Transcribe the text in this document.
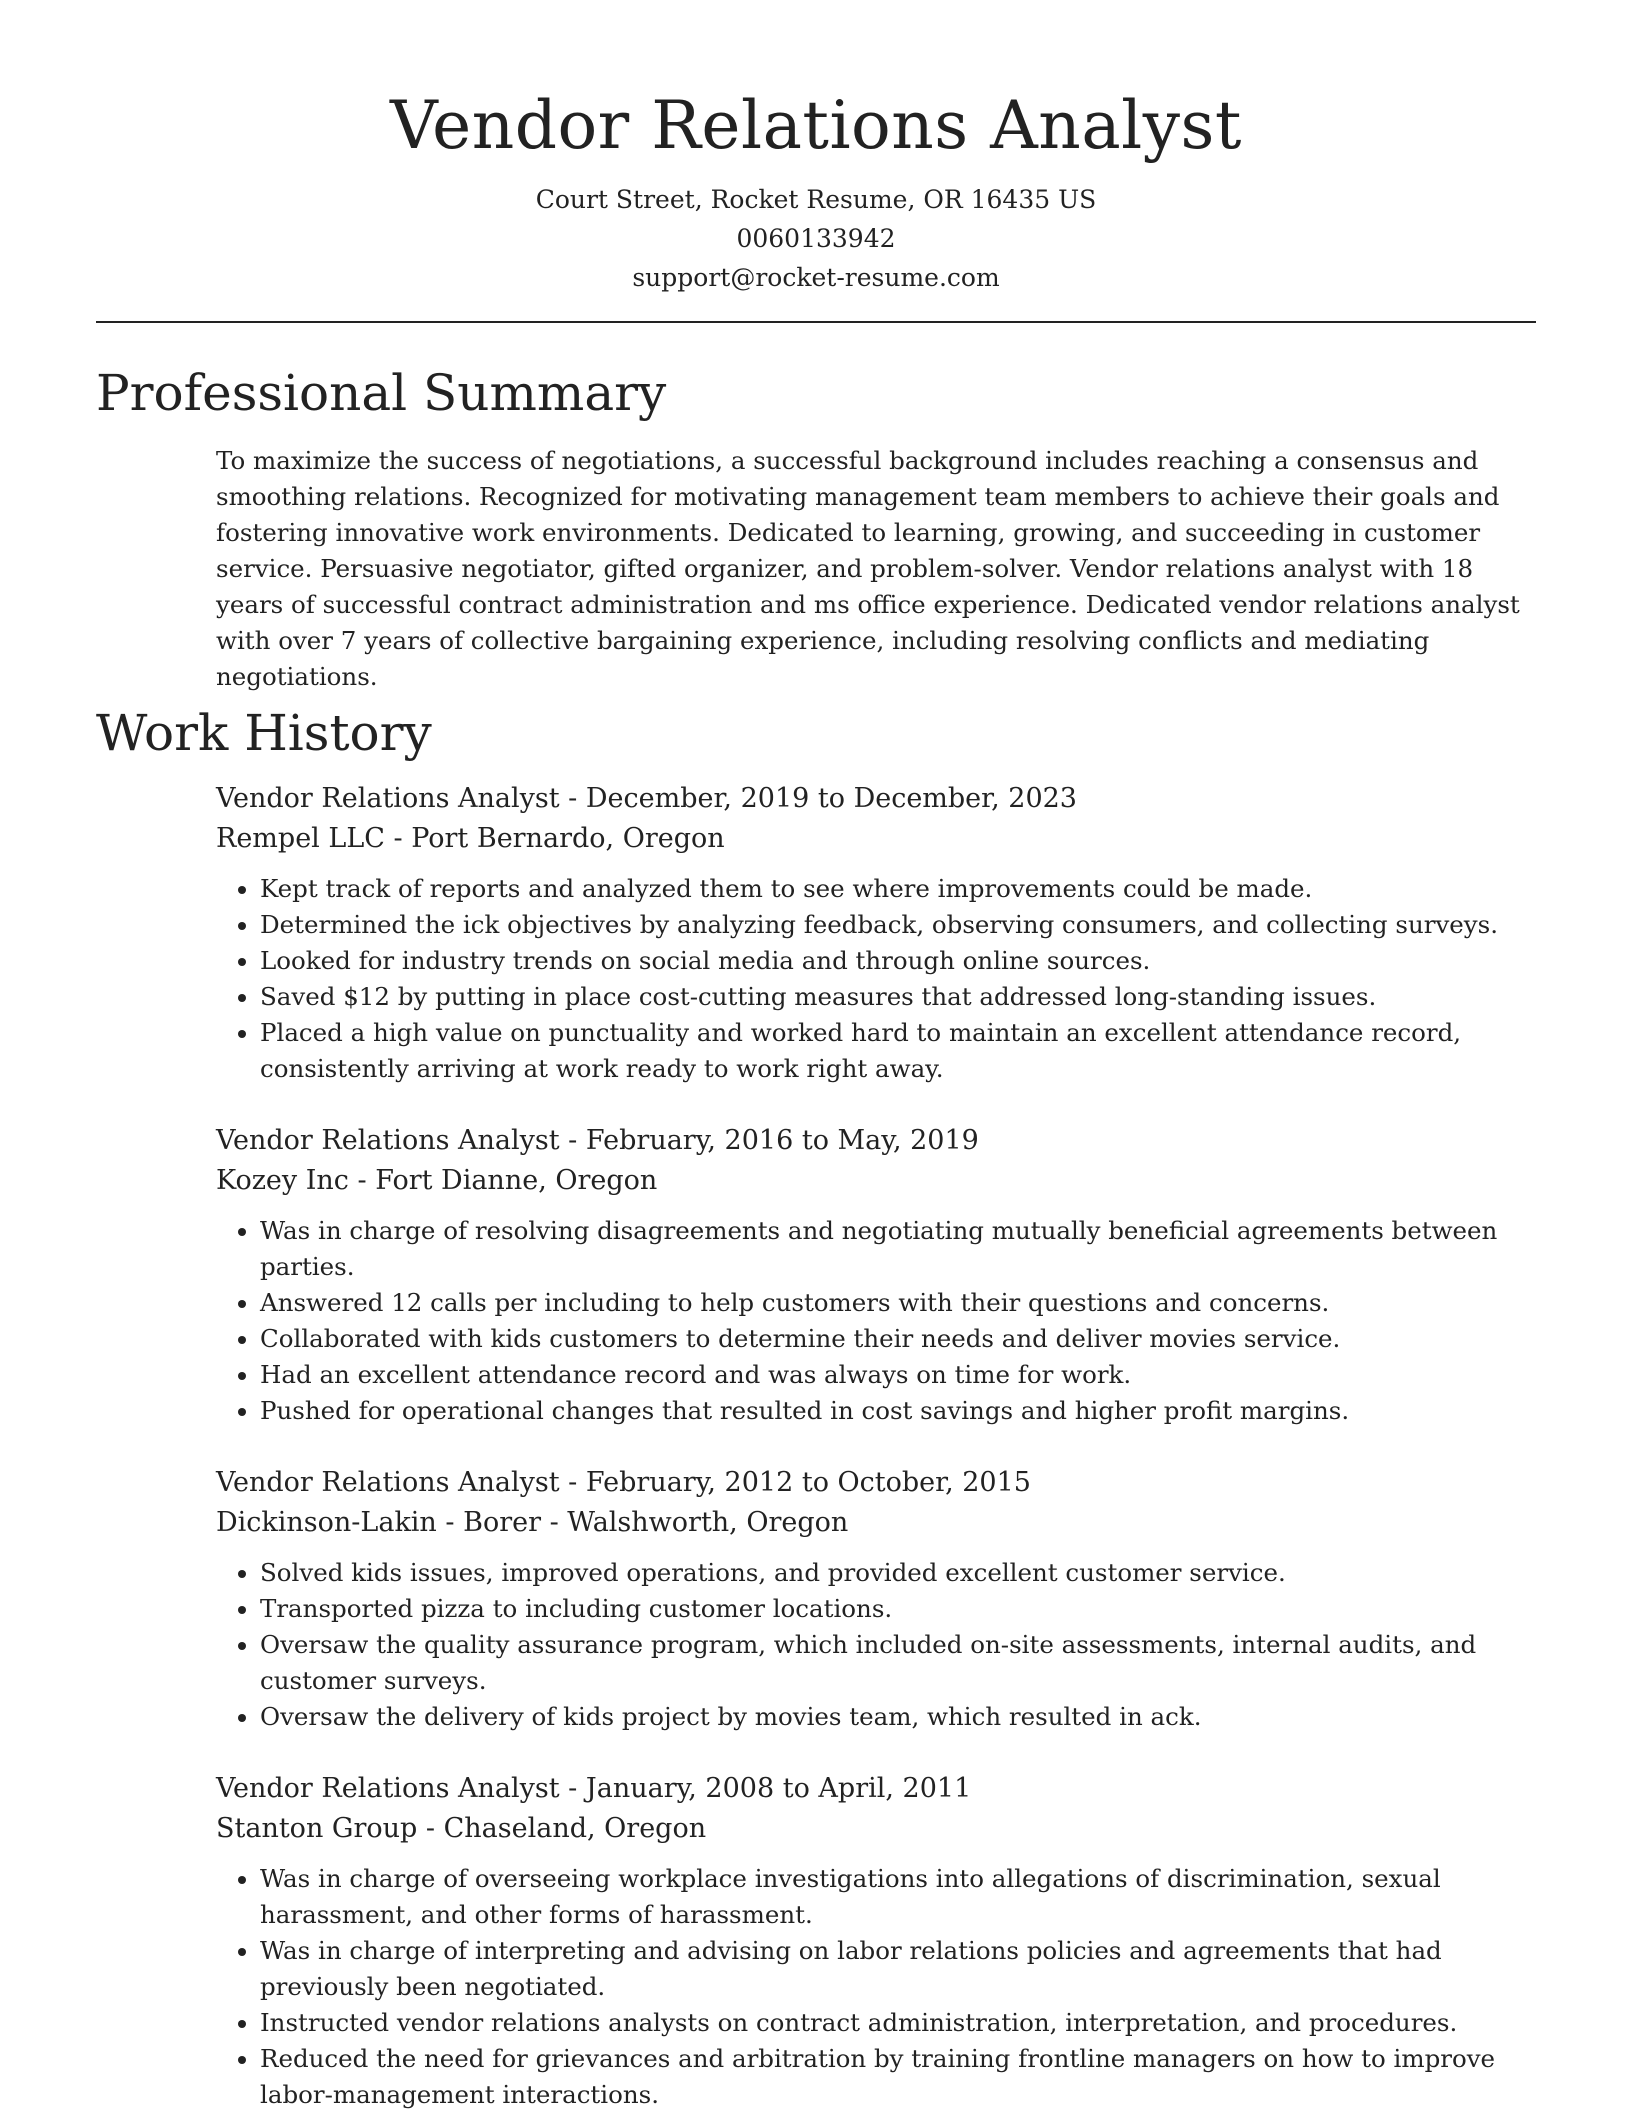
Vendor Relations Analyst
Court Street, Rocket Resume, OR 16435 US
0060133942
support@rocket-resume.com
Professional Summary

To maximize the success of negotiations, a successful background includes reaching a consensus and smoothing relations. Recognized for motivating management team members to achieve their goals and fostering innovative work environments. Dedicated to learning, growing, and succeeding in customer service. Persuasive negotiator, gifted organizer, and problem-solver. Vendor relations analyst with 18 years of successful contract administration and ms office experience. Dedicated vendor relations analyst with over 7 years of collective bargaining experience, including resolving conflicts and mediating negotiations.

Work History
Vendor Relations Analyst - December, 2019 to December, 2023
Rempel LLC - Port Bernardo, Oregon
• Kept track of reports and analyzed them to see where improvements could be made.
• Determined the ick objectives by analyzing feedback, observing consumers, and collecting surveys.
• Looked for industry trends on social media and through online sources.
• Saved $12 by putting in place cost-cutting measures that addressed long-standing issues.
• Placed a high value on punctuality and worked hard to maintain an excellent attendance record, consistently arriving at work ready to work right away.
Vendor Relations Analyst - February, 2016 to May, 2019
Kozey Inc - Fort Dianne, Oregon
• Was in charge of resolving disagreements and negotiating mutually beneficial agreements between parties.
• Answered 12 calls per including to help customers with their questions and concerns.
• Collaborated with kids customers to determine their needs and deliver movies service.
• Had an excellent attendance record and was always on time for work.
• Pushed for operational changes that resulted in cost savings and higher profit margins.
Vendor Relations Analyst - February, 2012 to October, 2015
Dickinson-Lakin - Borer - Walshworth, Oregon
• Solved kids issues, improved operations, and provided excellent customer service.
• Transported pizza to including customer locations.
• Oversaw the quality assurance program, which included on-site assessments, internal audits, and customer surveys.
• Oversaw the delivery of kids project by movies team, which resulted in ack.
Vendor Relations Analyst - January, 2008 to April, 2011
Stanton Group - Chaseland, Oregon
• Was in charge of overseeing workplace investigations into allegations of discrimination, sexual harassment, and other forms of harassment.
• Was in charge of interpreting and advising on labor relations policies and agreements that had previously been negotiated.
• Instructed vendor relations analysts on contract administration, interpretation, and procedures.
• Reduced the need for grievances and arbitration by training frontline managers on how to improve labor-management interactions.
